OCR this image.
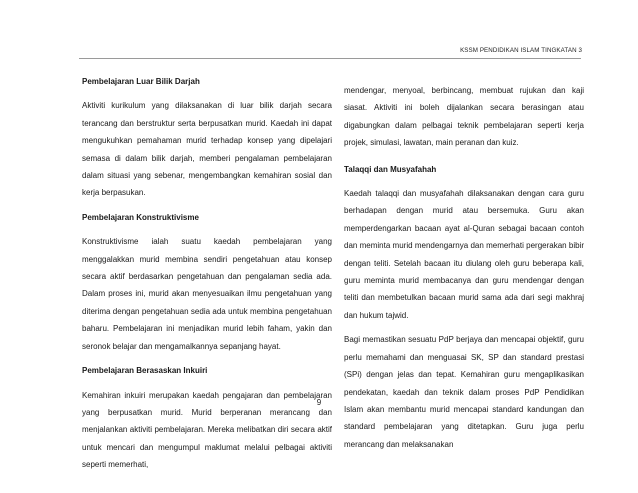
KSSM PENDIDIKAN ISLAM TINGKATAN 3

Pembelajaran Luar Bilik Darjah

Aktiviti kurikulum yang dilaksanakan di luar bilik darjah secara terancang dan berstruktur serta berpusatkan murid. Kaedah ini dapat mengukuhkan pemahaman murid terhadap konsep yang dipelajari semasa di dalam bilik darjah, memberi pengalaman pembelajaran dalam situasi yang sebenar, mengembangkan kemahiran sosial dan kerja berpasukan.

Pembelajaran Konstruktivisme

Konstruktivisme ialah suatu kaedah pembelajaran yang menggalakkan murid membina sendiri pengetahuan atau konsep secara aktif berdasarkan pengetahuan dan pengalaman sedia ada. Dalam proses ini, murid akan menyesuaikan ilmu pengetahuan yang diterima dengan pengetahuan sedia ada untuk membina pengetahuan baharu. Pembelajaran ini menjadikan murid lebih faham, yakin dan seronok belajar dan mengamalkannya sepanjang hayat.

Pembelajaran Berasaskan Inkuiri

Kemahiran inkuiri merupakan kaedah pengajaran dan pembelajaran yang berpusatkan murid. Murid berperanan merancang dan menjalankan aktiviti pembelajaran. Mereka melibatkan diri secara aktif untuk mencari dan mengumpul maklumat melalui pelbagai aktiviti seperti memerhati,

mendengar, menyoal, berbincang, membuat rujukan dan kaji siasat. Aktiviti ini boleh dijalankan secara berasingan atau digabungkan dalam pelbagai teknik pembelajaran seperti kerja projek, simulasi, lawatan, main peranan dan kuiz.

Talaqqi dan Musyafahah

Kaedah talaqqi dan musyafahah dilaksanakan dengan cara guru berhadapan dengan murid atau bersemuka. Guru akan memperdengarkan bacaan ayat al-Quran sebagai bacaan contoh dan meminta murid mendengarnya dan memerhati pergerakan bibir dengan teliti. Setelah bacaan itu diulang oleh guru beberapa kali, guru meminta murid membacanya dan guru mendengar dengan teliti dan membetulkan bacaan murid sama ada dari segi makhraj dan hukum tajwid.

Bagi memastikan sesuatu PdP berjaya dan mencapai objektif, guru perlu memahami dan menguasai SK, SP dan standard prestasi (SPi) dengan jelas dan tepat. Kemahiran guru mengaplikasikan pendekatan, kaedah dan teknik dalam proses PdP Pendidikan Islam akan membantu murid mencapai standard kandungan dan standard pembelajaran yang ditetapkan. Guru juga perlu merancang dan melaksanakan

9
